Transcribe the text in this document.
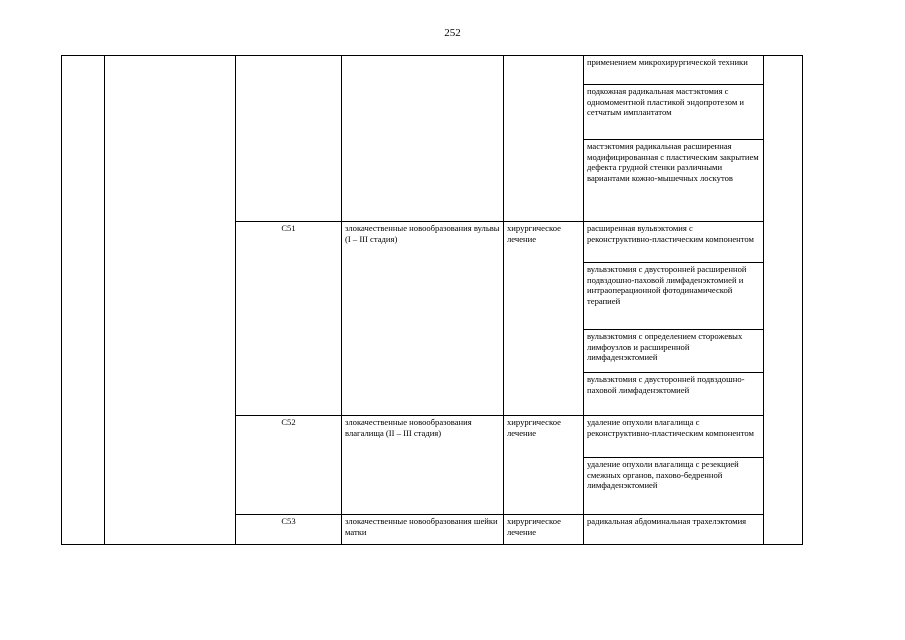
252
					применением микрохирургической техники	
					подкожная радикальная мастэктомия с одномоментной пластикой эндопротезом и сетчатым имплантатом	
					мастэктомия радикальная расширенная модифицированная с пластическим закрытием дефекта грудной стенки различными вариантами кожно-мышечных лоскутов	
		C51	злокачественные новообразования вульвы (I – III стадия)	хирургическое лечение	расширенная вульвэктомия с реконструктивно-пластическим компонентом	
					вульвэктомия с двусторонней расширенной подвздошно-паховой лимфаденэктомией и интраоперационной фотодинамической терапией	
					вульвэктомия с определением сторожевых лимфоузлов и расширенной лимфаденэктомией	
					вульвэктомия с двусторонней подвздошно-паховой лимфаденэктомией	
		C52	злокачественные новообразования влагалища (II – III стадия)	хирургическое лечение	удаление опухоли влагалища с реконструктивно-пластическим компонентом	
					удаление опухоли влагалища с резекцией смежных органов, пахово-бедренной лимфаденэктомией	
		C53	злокачественные новообразования шейки матки	хирургическое лечение	радикальная абдоминальная трахелэктомия	
